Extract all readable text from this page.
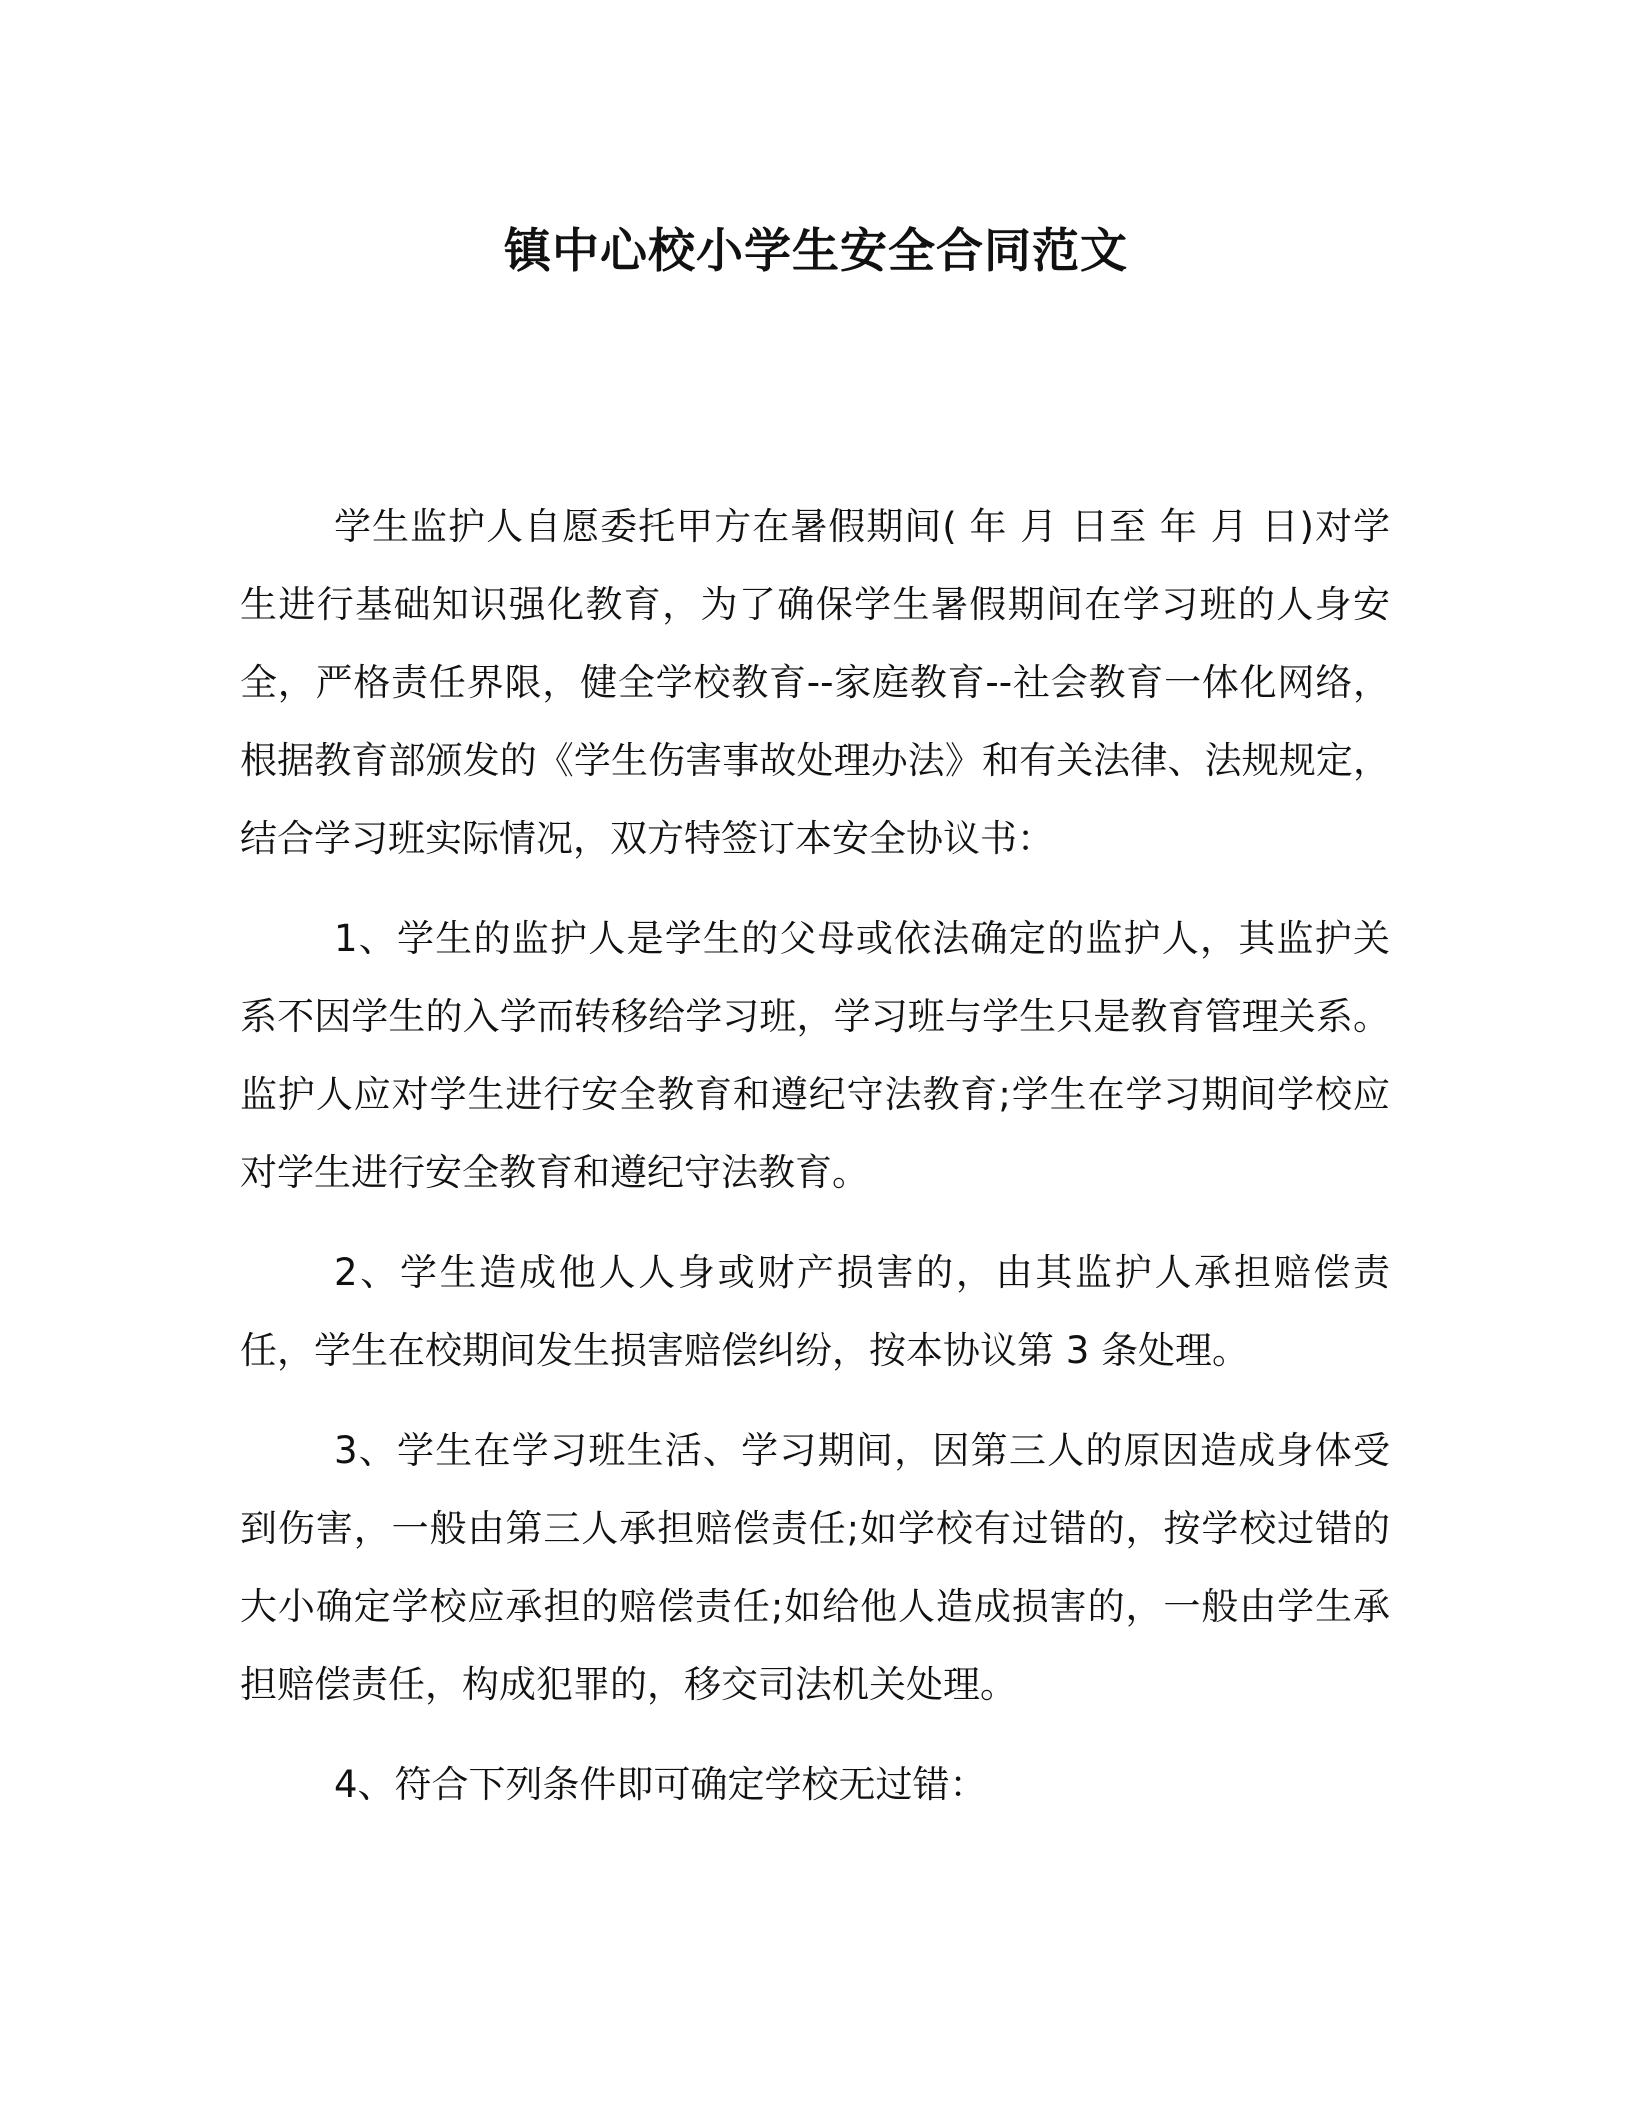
镇中心校小学生安全合同范文

学生监护人自愿委托甲方在暑假期间( 年 月 日至 年 月 日)对学生进行基础知识强化教育，为了确保学生暑假期间在学习班的人身安全，严格责任界限，健全学校教育--家庭教育--社会教育一体化网络，根据教育部颁发的《学生伤害事故处理办法》和有关法律、法规规定，结合学习班实际情况，双方特签订本安全协议书：

1、学生的监护人是学生的父母或依法确定的监护人，其监护关系不因学生的入学而转移给学习班，学习班与学生只是教育管理关系。监护人应对学生进行安全教育和遵纪守法教育;学生在学习期间学校应对学生进行安全教育和遵纪守法教育。

2、学生造成他人人身或财产损害的，由其监护人承担赔偿责任，学生在校期间发生损害赔偿纠纷，按本协议第 3 条处理。

3、学生在学习班生活、学习期间，因第三人的原因造成身体受到伤害，一般由第三人承担赔偿责任;如学校有过错的，按学校过错的大小确定学校应承担的赔偿责任;如给他人造成损害的，一般由学生承担赔偿责任，构成犯罪的，移交司法机关处理。

4、符合下列条件即可确定学校无过错：
